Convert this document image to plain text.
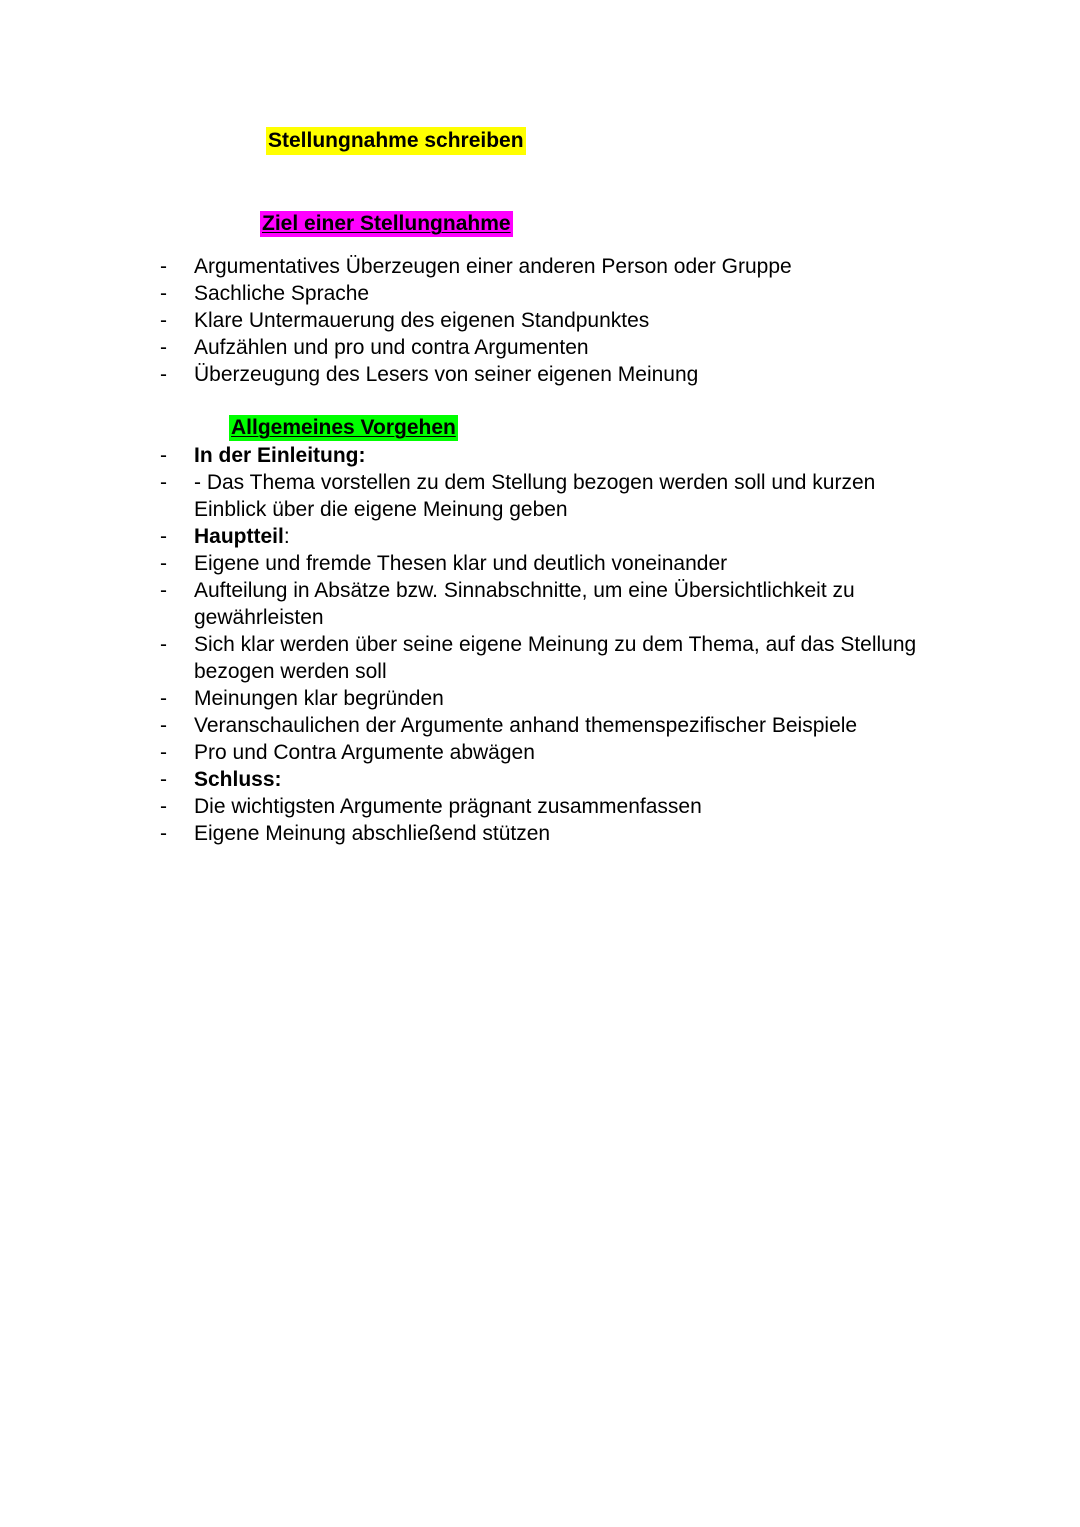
Stellungnahme schreiben
Ziel einer Stellungnahme
- Argumentatives Überzeugen einer anderen Person oder Gruppe
- Sachliche Sprache
- Klare Untermauerung des eigenen Standpunktes
- Aufzählen und pro und contra Argumenten
- Überzeugung des Lesers von seiner eigenen Meinung
Allgemeines Vorgehen
- In der Einleitung:
- - Das Thema vorstellen zu dem Stellung bezogen werden soll und kurzen Einblick über die eigene Meinung geben
- Hauptteil:
- Eigene und fremde Thesen klar und deutlich voneinander
- Aufteilung in Absätze bzw. Sinnabschnitte, um eine Übersichtlichkeit zu gewährleisten
- Sich klar werden über seine eigene Meinung zu dem Thema, auf das Stellung bezogen werden soll
- Meinungen klar begründen
- Veranschaulichen der Argumente anhand themenspezifischer Beispiele
- Pro und Contra Argumente abwägen
- Schluss:
- Die wichtigsten Argumente prägnant zusammenfassen
- Eigene Meinung abschließend stützen
